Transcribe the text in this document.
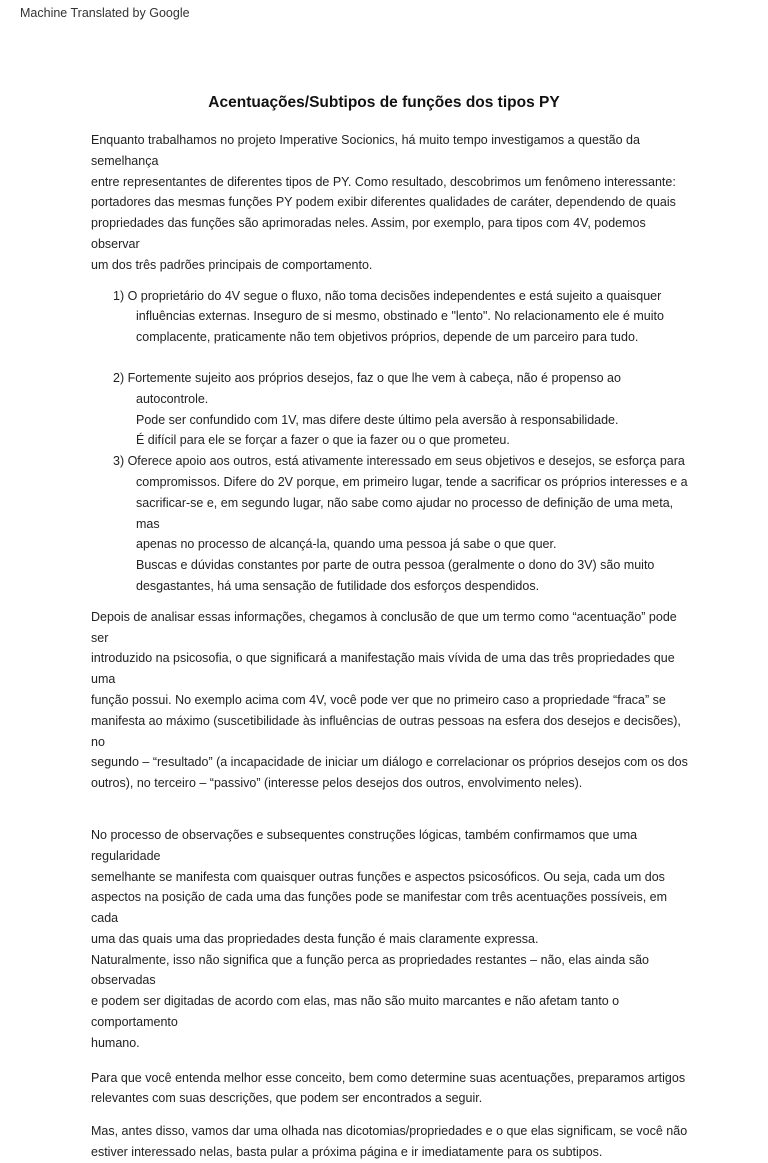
Machine Translated by Google
Acentuações/Subtipos de funções dos tipos PY

Enquanto trabalhamos no projeto Imperative Socionics, há muito tempo investigamos a questão da semelhança
entre representantes de diferentes tipos de PY. Como resultado, descobrimos um fenômeno interessante:
portadores das mesmas funções PY podem exibir diferentes qualidades de caráter, dependendo de quais
propriedades das funções são aprimoradas neles. Assim, por exemplo, para tipos com 4V, podemos observar
um dos três padrões principais de comportamento.

1) O proprietário do 4V segue o fluxo, não toma decisões independentes e está sujeito a quaisquer
influências externas. Inseguro de si mesmo, obstinado e "lento". No relacionamento ele é muito
complacente, praticamente não tem objetivos próprios, depende de um parceiro para tudo.

2) Fortemente sujeito aos próprios desejos, faz o que lhe vem à cabeça, não é propenso ao autocontrole.
Pode ser confundido com 1V, mas difere deste último pela aversão à responsabilidade.
É difícil para ele se forçar a fazer o que ia fazer ou o que prometeu.

3) Oferece apoio aos outros, está ativamente interessado em seus objetivos e desejos, se esforça para
compromissos. Difere do 2V porque, em primeiro lugar, tende a sacrificar os próprios interesses e a
sacrificar-se e, em segundo lugar, não sabe como ajudar no processo de definição de uma meta, mas
apenas no processo de alcançá-la, quando uma pessoa já sabe o que quer.
Buscas e dúvidas constantes por parte de outra pessoa (geralmente o dono do 3V) são muito
desgastantes, há uma sensação de futilidade dos esforços despendidos.

Depois de analisar essas informações, chegamos à conclusão de que um termo como “acentuação” pode ser
introduzido na psicosofia, o que significará a manifestação mais vívida de uma das três propriedades que uma
função possui. No exemplo acima com 4V, você pode ver que no primeiro caso a propriedade “fraca” se
manifesta ao máximo (suscetibilidade às influências de outras pessoas na esfera dos desejos e decisões), no
segundo – “resultado” (a incapacidade de iniciar um diálogo e correlacionar os próprios desejos com os dos
outros), no terceiro – “passivo” (interesse pelos desejos dos outros, envolvimento neles).

No processo de observações e subsequentes construções lógicas, também confirmamos que uma regularidade
semelhante se manifesta com quaisquer outras funções e aspectos psicosóficos. Ou seja, cada um dos
aspectos na posição de cada uma das funções pode se manifestar com três acentuações possíveis, em cada
uma das quais uma das propriedades desta função é mais claramente expressa.
Naturalmente, isso não significa que a função perca as propriedades restantes – não, elas ainda são observadas
e podem ser digitadas de acordo com elas, mas não são muito marcantes e não afetam tanto o comportamento
humano.

Para que você entenda melhor esse conceito, bem como determine suas acentuações, preparamos artigos
relevantes com suas descrições, que podem ser encontrados a seguir.

Mas, antes disso, vamos dar uma olhada nas dicotomias/propriedades e o que elas significam, se você não
estiver interessado nelas, basta pular a próxima página e ir imediatamente para os subtipos.
